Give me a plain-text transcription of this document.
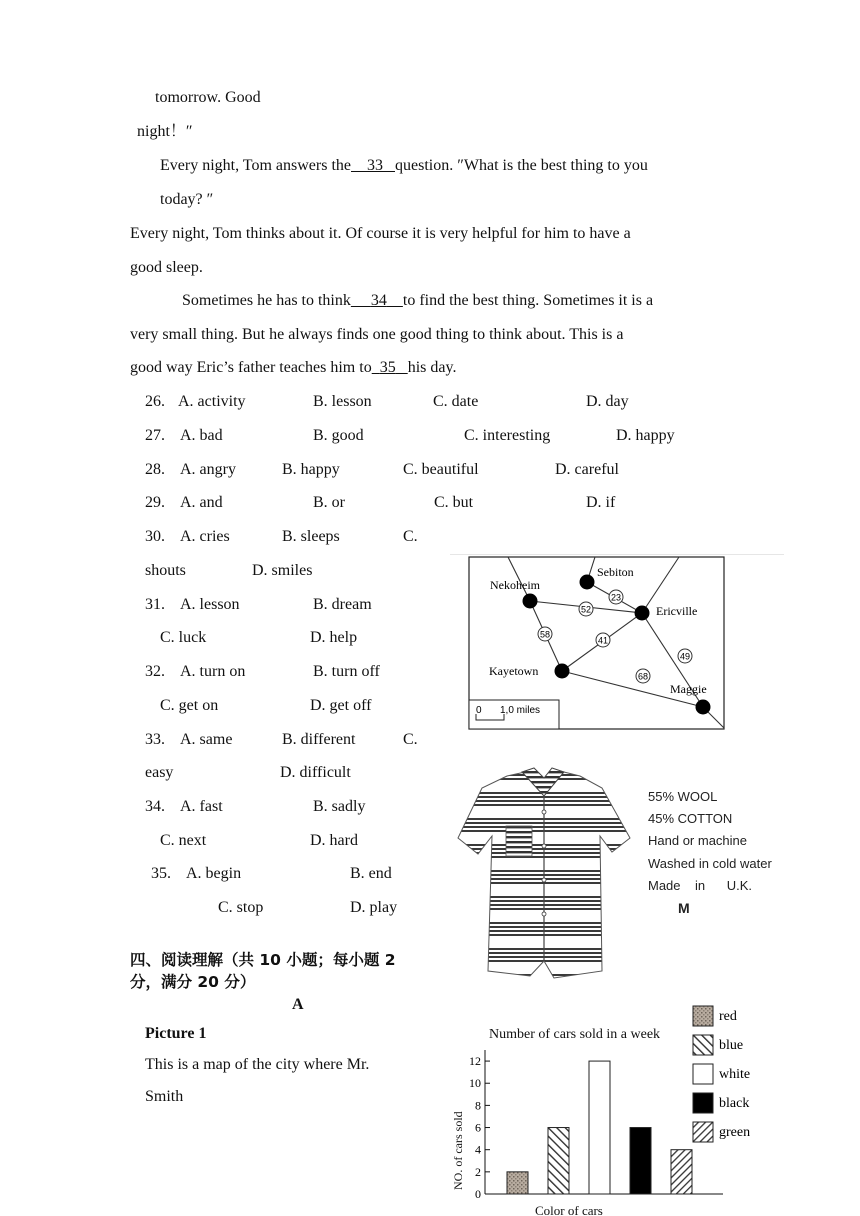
tomorrow. Good
night！″
Every night, Tom answers the 33 question. ″What is the best thing to you
today? ″
Every night, Tom thinks about it. Of course it is very helpful for him to have a
good sleep.
Sometimes he has to think 34 to find the best thing. Sometimes it is a
very small thing. But he always finds one good thing to think about. This is a
good way Eric’s father teaches him to 35 his day.
26. A. activity	B. lesson	C. date	D. day
27. A. bad	B. good	C. interesting	D. happy
28. A. angry	B. happy	C. beautiful	D. careful
29. A. and	B. or	C. but	D. if
30. A. cries	B. sleeps	C.
shouts	D. smiles
31. A. lesson	B. dream
C. luck	D. help
32. A. turn on	B. turn off
C. get on	D. get off
33. A. same	B. different	C.
easy	D. difficult
34. A. fast	B. sadly
C. next	D. hard
35. A. begin	B. end
C. stop	D. play
四、阅读理解（共 10 小题；每小题 2
分，满分 20 分）
A
Picture 1
This is a map of the city where Mr.
Smith
52
23
58
41
49
68
Nekoheim
Sebiton
Ericville
Kayetown
Maggie
0 1,0 miles
55% WOOL
45% COTTON
Hand or machine
Washed in cold water
Made    in      U.K.
M
Number of cars sold in a week
NO. of cars sold
Color of cars
0
2
4
6
8
10
12
red
blue
white
black
green
